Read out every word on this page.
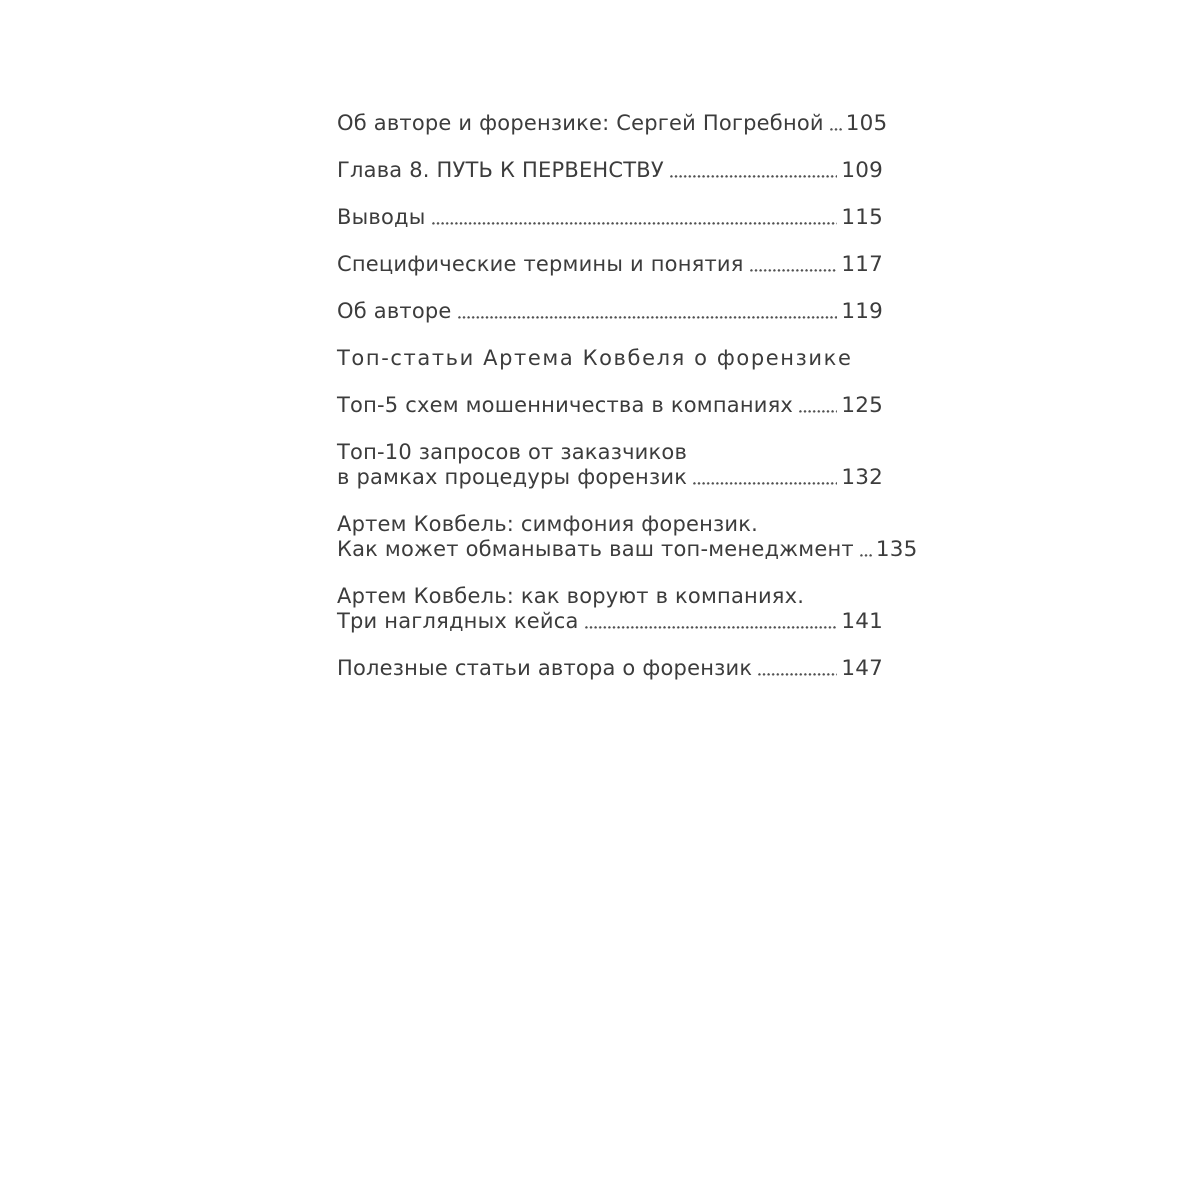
Об авторе и форензике: Сергей Погребной 105
Глава 8. ПУТЬ К ПЕРВЕНСТВУ	109
Выводы	115
Специфические термины и понятия	117
Об авторе	119
Топ-статьи Артема Ковбеля о форензике
Топ-5 схем мошенничества в компаниях 125
Топ-10 запросов от заказчиков
в рамках процедуры форензик	132
Артем Ковбель: симфония форензик.
Как может обманывать ваш топ-менеджмент 135
Артем Ковбель: как воруют в компаниях.
Три наглядных кейса	141
Полезные статьи автора о форензик	147
